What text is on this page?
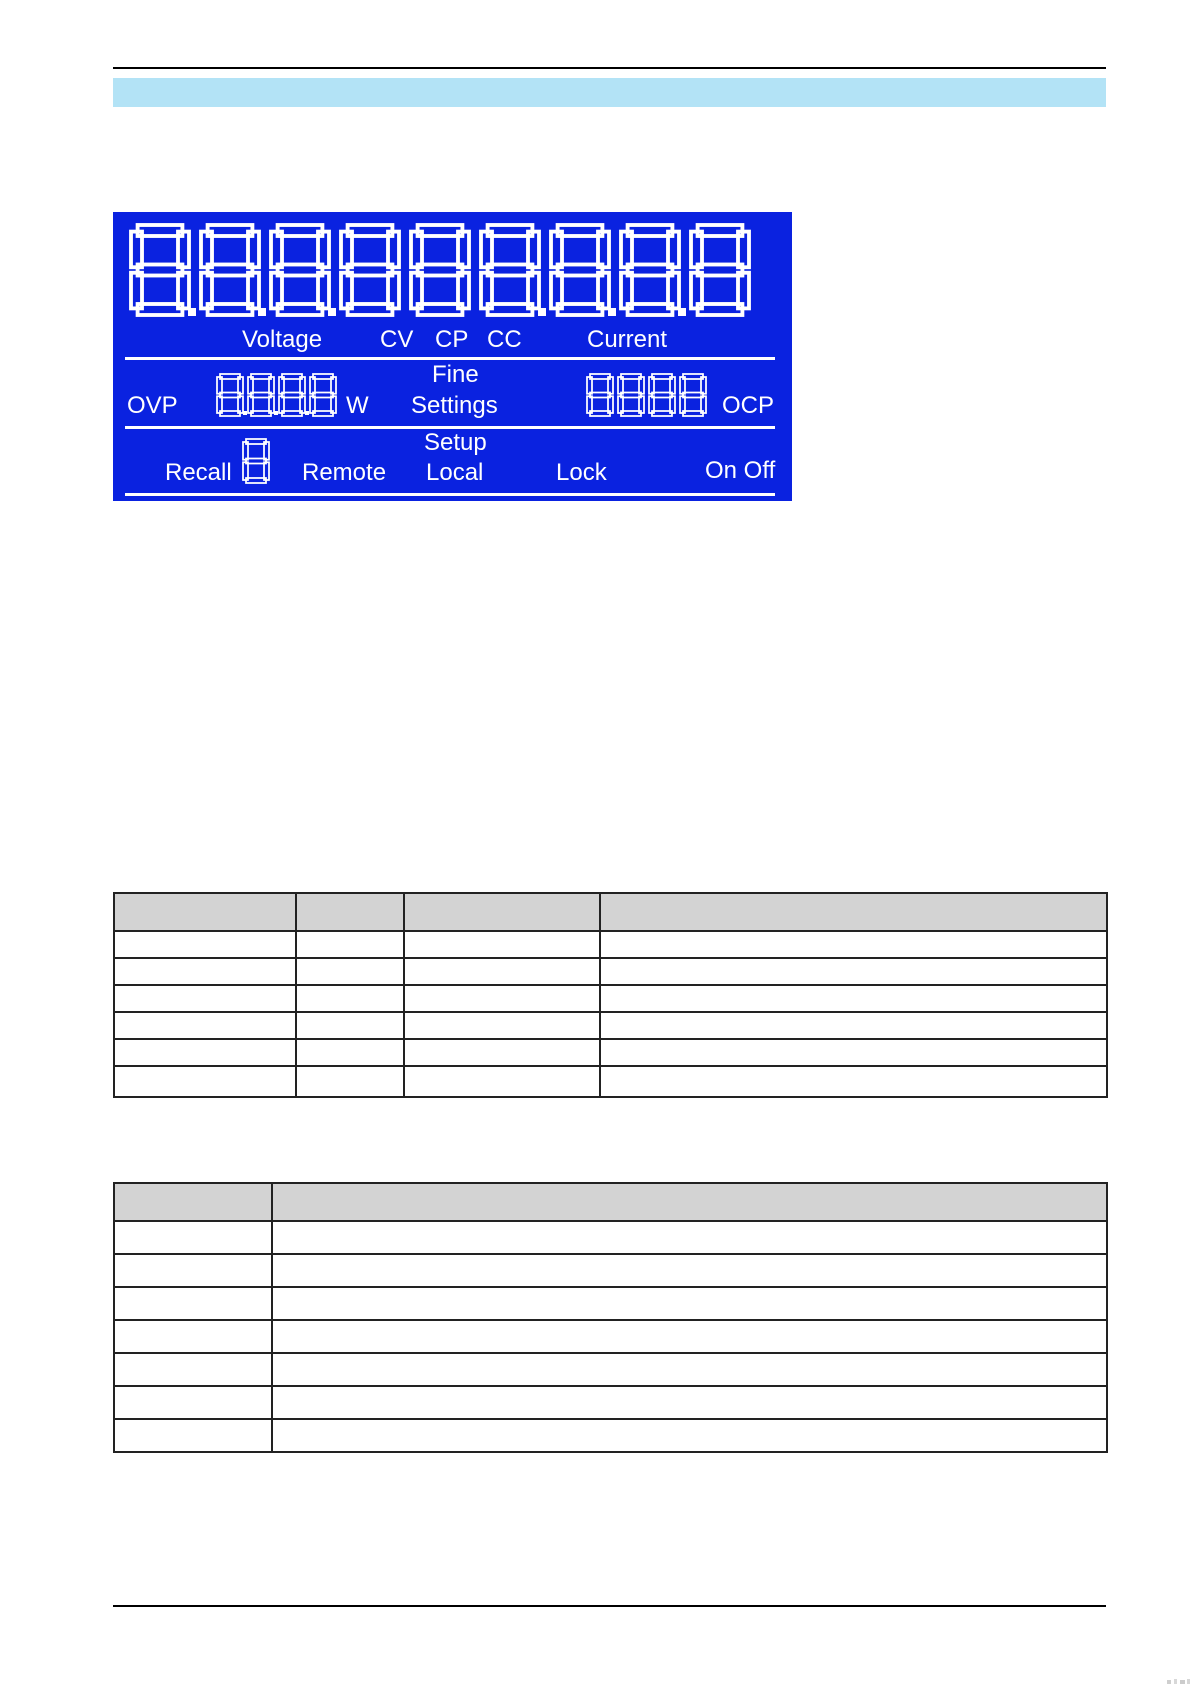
Voltage CV CP CC	Current
OVP	W
Fine
Settings	OCP
Setup
Recall	Remote Local	Lock	On Off
